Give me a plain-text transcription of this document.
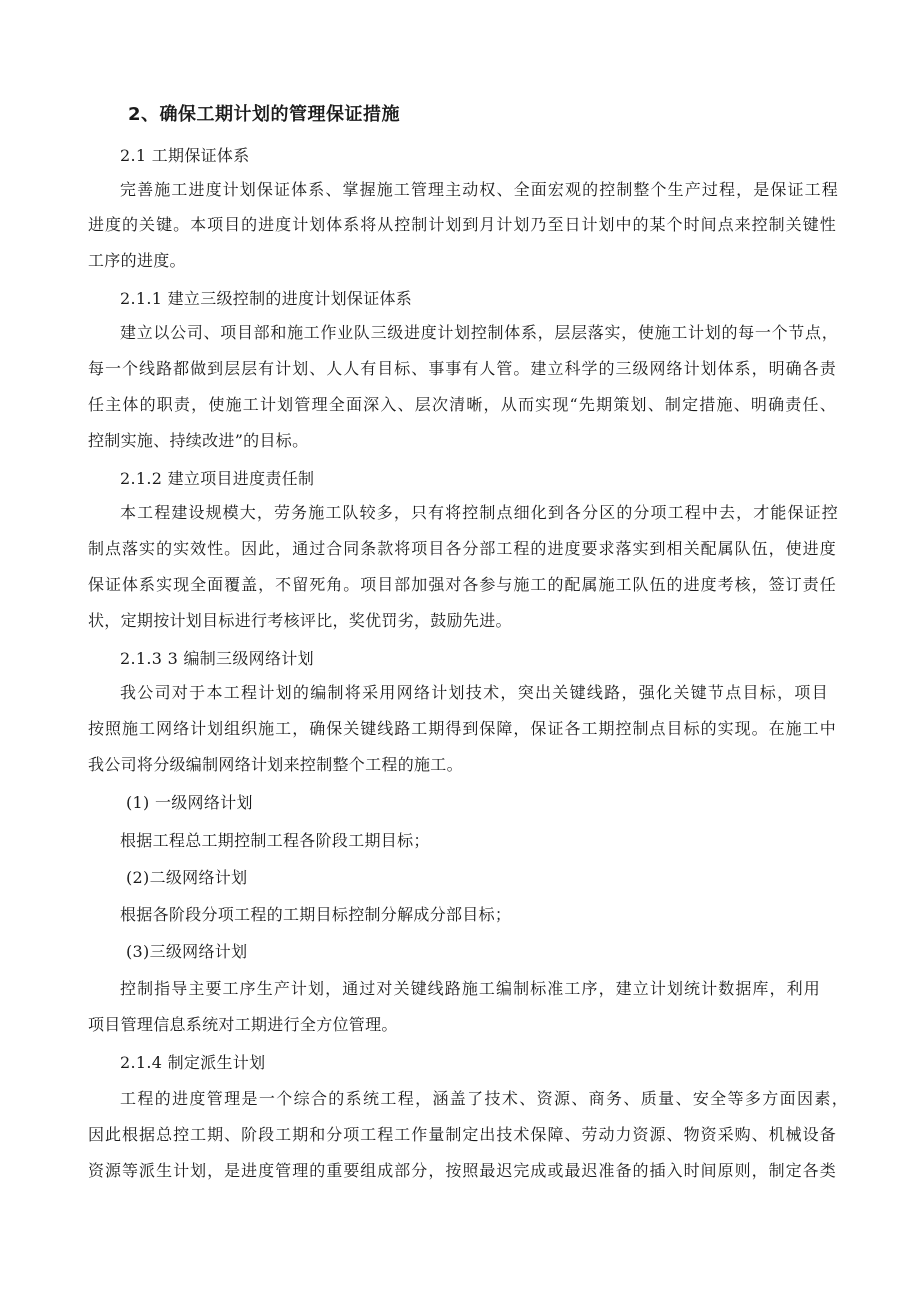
2、确保工期计划的管理保证措施
2.1 工期保证体系
完善施工进度计划保证体系、掌握施工管理主动权、全面宏观的控制整个生产过程，是保证工程
进度的关键。本项目的进度计划体系将从控制计划到月计划乃至日计划中的某个时间点来控制关键性
工序的进度。
2.1.1 建立三级控制的进度计划保证体系
建立以公司、项目部和施工作业队三级进度计划控制体系，层层落实，使施工计划的每一个节点，
每一个线路都做到层层有计划、人人有目标、事事有人管。建立科学的三级网络计划体系，明确各责
任主体的职责，使施工计划管理全面深入、层次清晰，从而实现“先期策划、制定措施、明确责任、
控制实施、持续改进”的目标。
2.1.2 建立项目进度责任制
本工程建设规模大，劳务施工队较多，只有将控制点细化到各分区的分项工程中去，才能保证控
制点落实的实效性。因此，通过合同条款将项目各分部工程的进度要求落实到相关配属队伍，使进度
保证体系实现全面覆盖，不留死角。项目部加强对各参与施工的配属施工队伍的进度考核，签订责任
状，定期按计划目标进行考核评比，奖优罚劣，鼓励先进。
2.1.3 3 编制三级网络计划
我公司对于本工程计划的编制将采用网络计划技术，突出关键线路，强化关键节点目标，项目
按照施工网络计划组织施工，确保关键线路工期得到保障，保证各工期控制点目标的实现。在施工中
我公司将分级编制网络计划来控制整个工程的施工。
(1) 一级网络计划
根据工程总工期控制工程各阶段工期目标；
(2)二级网络计划
根据各阶段分项工程的工期目标控制分解成分部目标；
(3)三级网络计划
控制指导主要工序生产计划，通过对关键线路施工编制标准工序，建立计划统计数据库，利用
项目管理信息系统对工期进行全方位管理。
2.1.4 制定派生计划
工程的进度管理是一个综合的系统工程，涵盖了技术、资源、商务、质量、安全等多方面因素，
因此根据总控工期、阶段工期和分项工程工作量制定出技术保障、劳动力资源、物资采购、机械设备
资源等派生计划，是进度管理的重要组成部分，按照最迟完成或最迟准备的插入时间原则，制定各类
